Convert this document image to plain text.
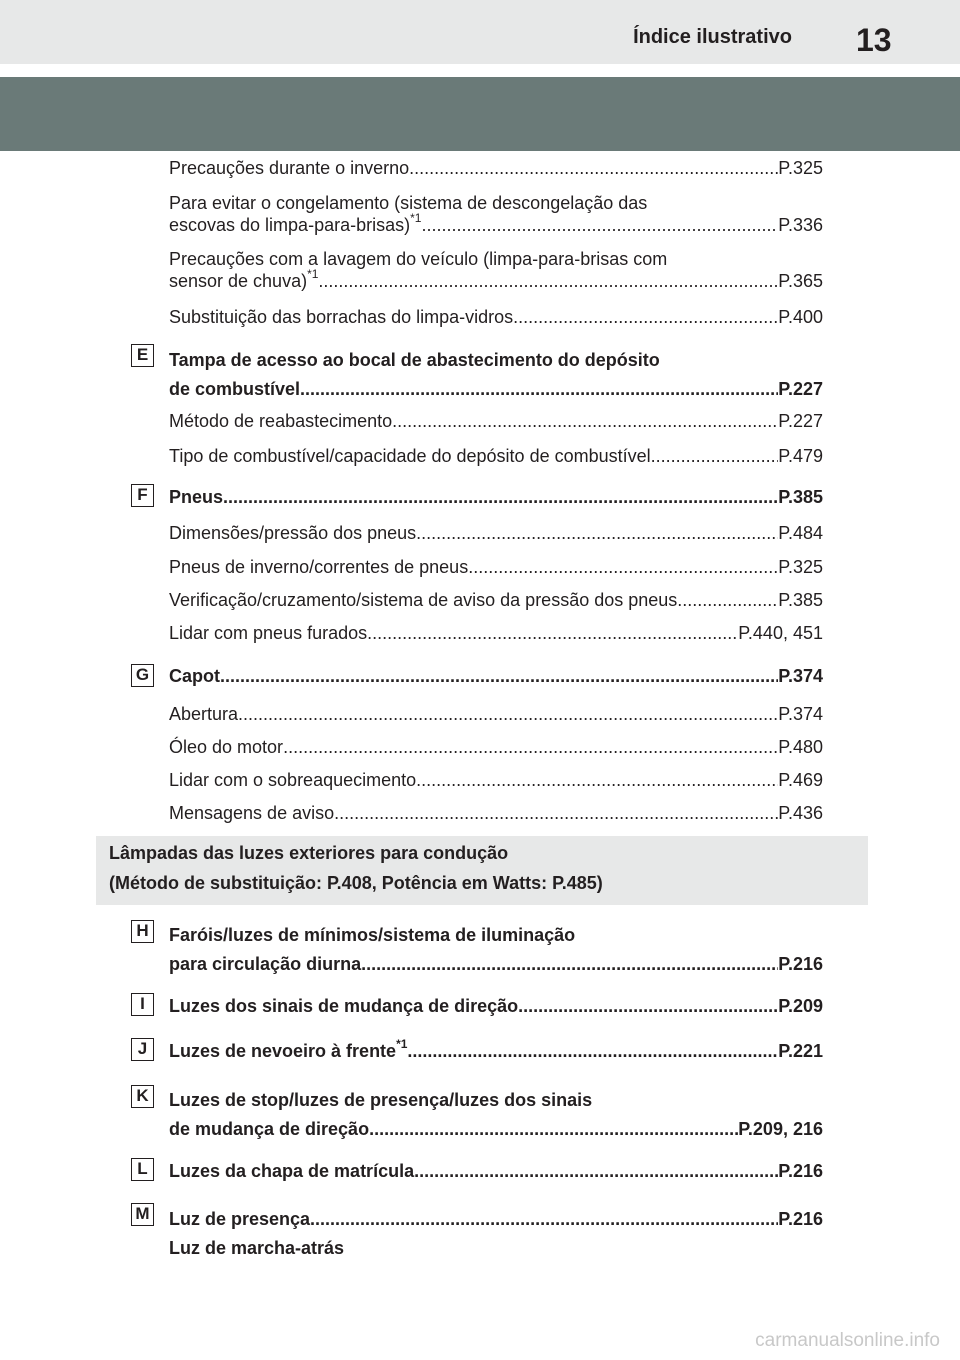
Índice ilustrativo 13
Precauções durante o inverno .....	P.325
Para evitar o congelamento (sistema de descongelação das
escovas do limpa-para-brisas)$^{*1}$ .....	P.336
Precauções com a lavagem do veículo (limpa-para-brisas com
sensor de chuva)$^{*1}$ .....	P.365
Substituição das borrachas do limpa-vidros .....	P.400
E	Tampa de acesso ao bocal de abastecimento do depósito
de combustível .....	P.227
Método de reabastecimento .....	P.227
Tipo de combustível/capacidade do depósito de combustível .....	P.479
F	Pneus .....	P.385
Dimensões/pressão dos pneus .....	P.484
Pneus de inverno/correntes de pneus .....	P.325
Verificação/cruzamento/sistema de aviso da pressão dos pneus .....	P.385
Lidar com pneus furados .....	P.440, 451
G Capot .....	P.374
Abertura .....	P.374
Óleo do motor .....	P.480
Lidar com o sobreaquecimento .....	P.469
Mensagens de aviso .....	P.436
Lâmpadas das luzes exteriores para condução
(Método de substituição: P.408, Potência em Watts: P.485)
H Faróis/luzes de mínimos/sistema de iluminação
para circulação diurna .....	P.216
I	Luzes dos sinais de mudança de direção .....	P.209
J	Luzes de nevoeiro à frente$^{*1}$ .....	P.221
K Luzes de stop/luzes de presença/luzes dos sinais
de mudança de direção .....	P.209, 216
L	Luzes da chapa de matrícula .....	P.216
M Luz de presença .....	P.216
Luz de marcha-atrás
carmanualsonline.info
